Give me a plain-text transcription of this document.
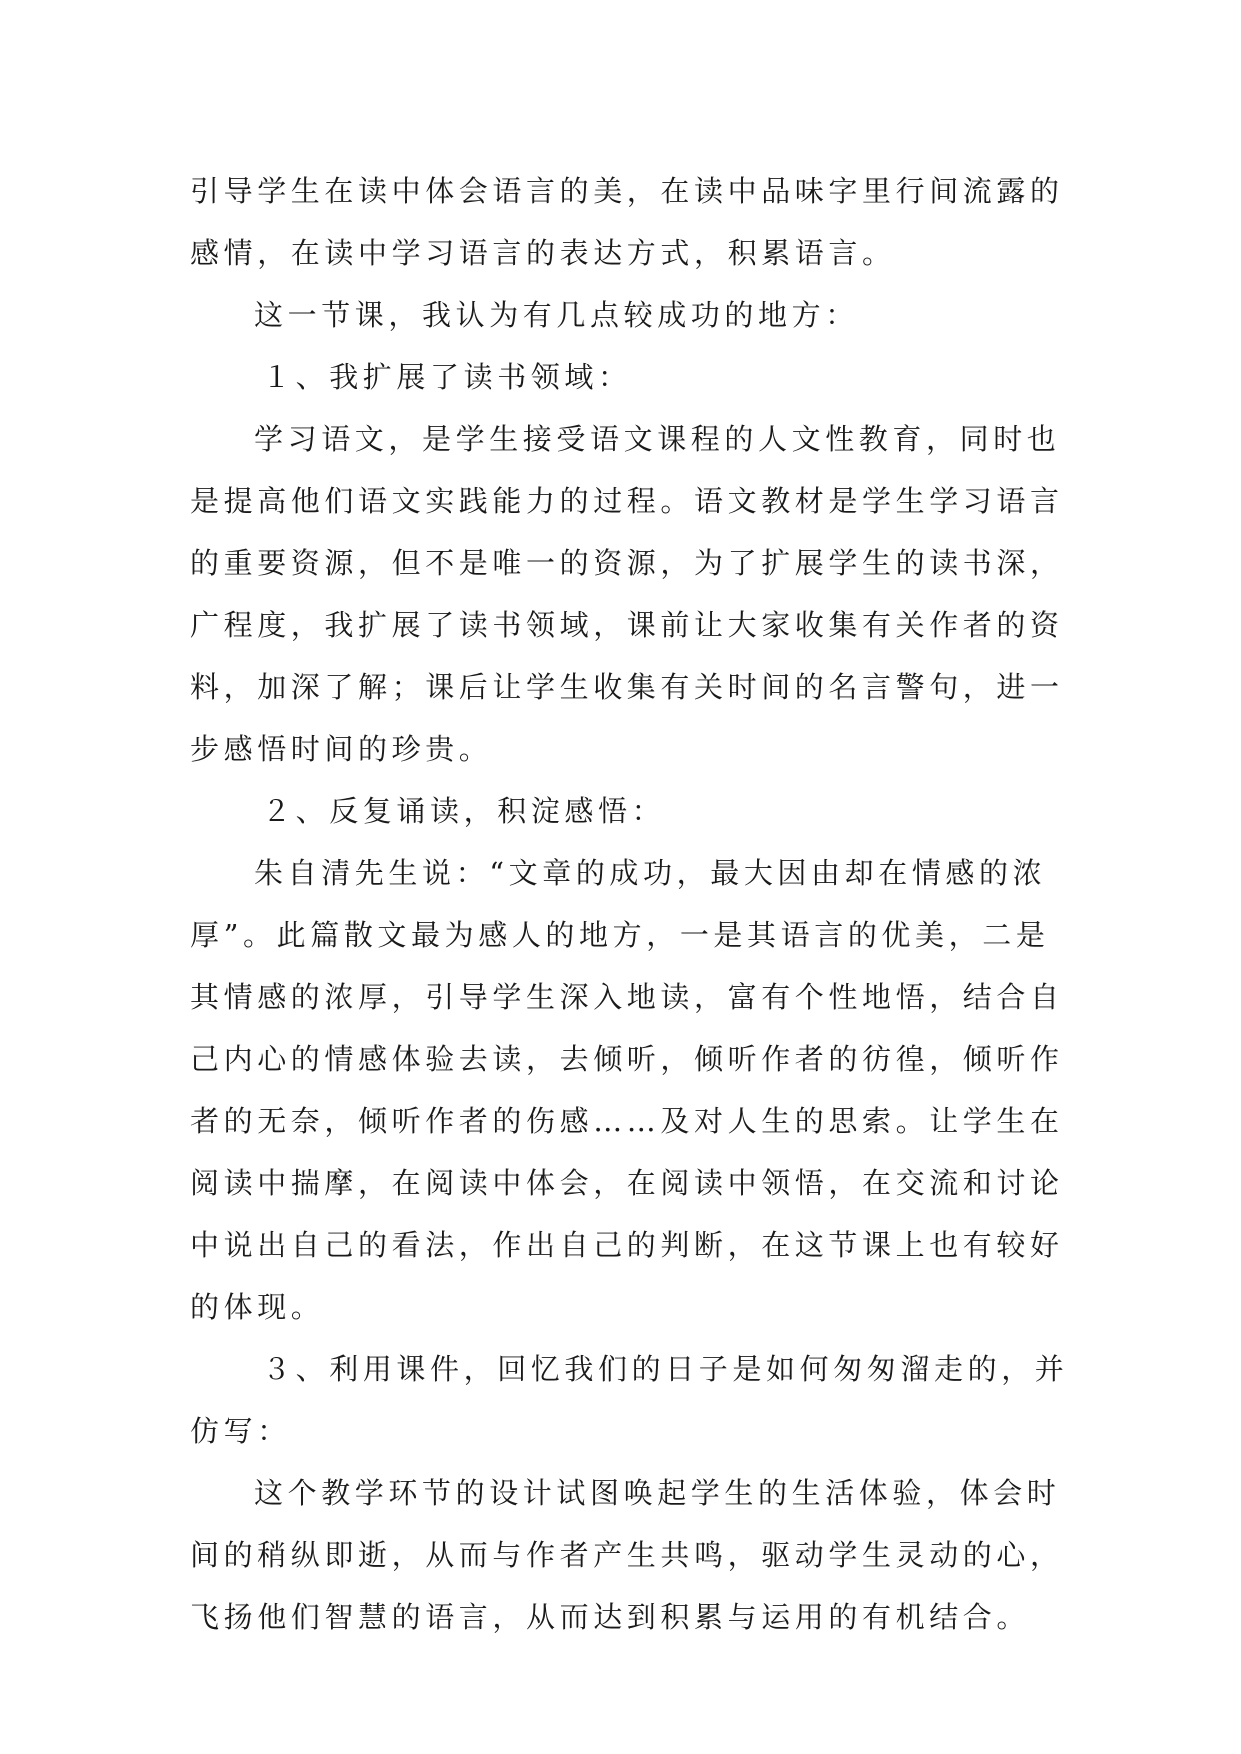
引导学生在读中体会语言的美，在读中品味字里行间流露的
感情，在读中学习语言的表达方式，积累语言。

这一节课，我认为有几点较成功的地方：

１、我扩展了读书领域：

学习语文，是学生接受语文课程的人文性教育，同时也
是提高他们语文实践能力的过程。语文教材是学生学习语言
的重要资源，但不是唯一的资源，为了扩展学生的读书深，
广程度，我扩展了读书领域，课前让大家收集有关作者的资
料，加深了解；课后让学生收集有关时间的名言警句，进一
步感悟时间的珍贵。

２、反复诵读，积淀感悟：

朱自清先生说：“文章的成功，最大因由却在情感的浓
厚”。此篇散文最为感人的地方，一是其语言的优美，二是
其情感的浓厚，引导学生深入地读，富有个性地悟，结合自
己内心的情感体验去读，去倾听，倾听作者的彷徨，倾听作
者的无奈，倾听作者的伤感……及对人生的思索。让学生在
阅读中揣摩，在阅读中体会，在阅读中领悟，在交流和讨论
中说出自己的看法，作出自己的判断，在这节课上也有较好
的体现。

３、利用课件，回忆我们的日子是如何匆匆溜走的，并
仿写：

这个教学环节的设计试图唤起学生的生活体验，体会时
间的稍纵即逝，从而与作者产生共鸣，驱动学生灵动的心，
飞扬他们智慧的语言，从而达到积累与运用的有机结合。
